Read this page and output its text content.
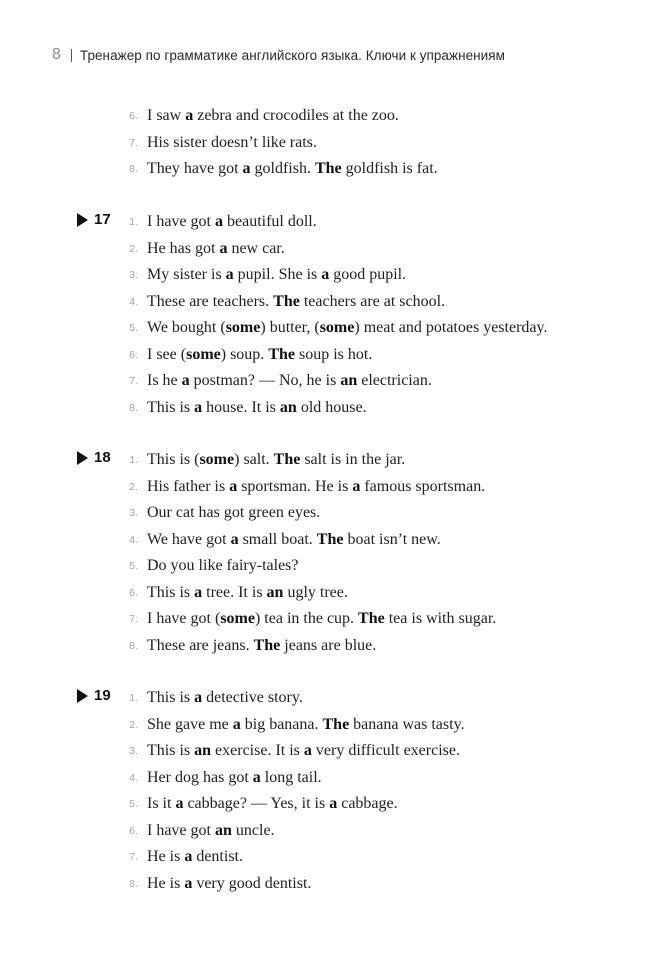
8 Тренажер по грамматике английского языка. Ключи к упражнениям
6. I saw a zebra and crocodiles at the zoo.
7. His sister doesn’t like rats.
8. They have got a goldfish. The goldfish is fat.
17	1. I have got a beautiful doll.
2. He has got a new car.
3. My sister is a pupil. She is a good pupil.
4. These are teachers. The teachers are at school.
5. We bought (some) butter, (some) meat and potatoes yesterday.
6. I see (some) soup. The soup is hot.
7. Is he a postman? — No, he is an electrician.
8. This is a house. It is an old house.
18	1. This is (some) salt. The salt is in the jar.
2. His father is a sportsman. He is a famous sportsman.
3. Our cat has got green eyes.
4. We have got a small boat. The boat isn’t new.
5. Do you like fairy-tales?
6. This is a tree. It is an ugly tree.
7. I have got (some) tea in the cup. The tea is with sugar.
8. These are jeans. The jeans are blue.
19	1. This is a detective story.
2. She gave me a big banana. The banana was tasty.
3. This is an exercise. It is a very difficult exercise.
4. Her dog has got a long tail.
5. Is it a cabbage? — Yes, it is a cabbage.
6. I have got an uncle.
7. He is a dentist.
8. He is a very good dentist.
